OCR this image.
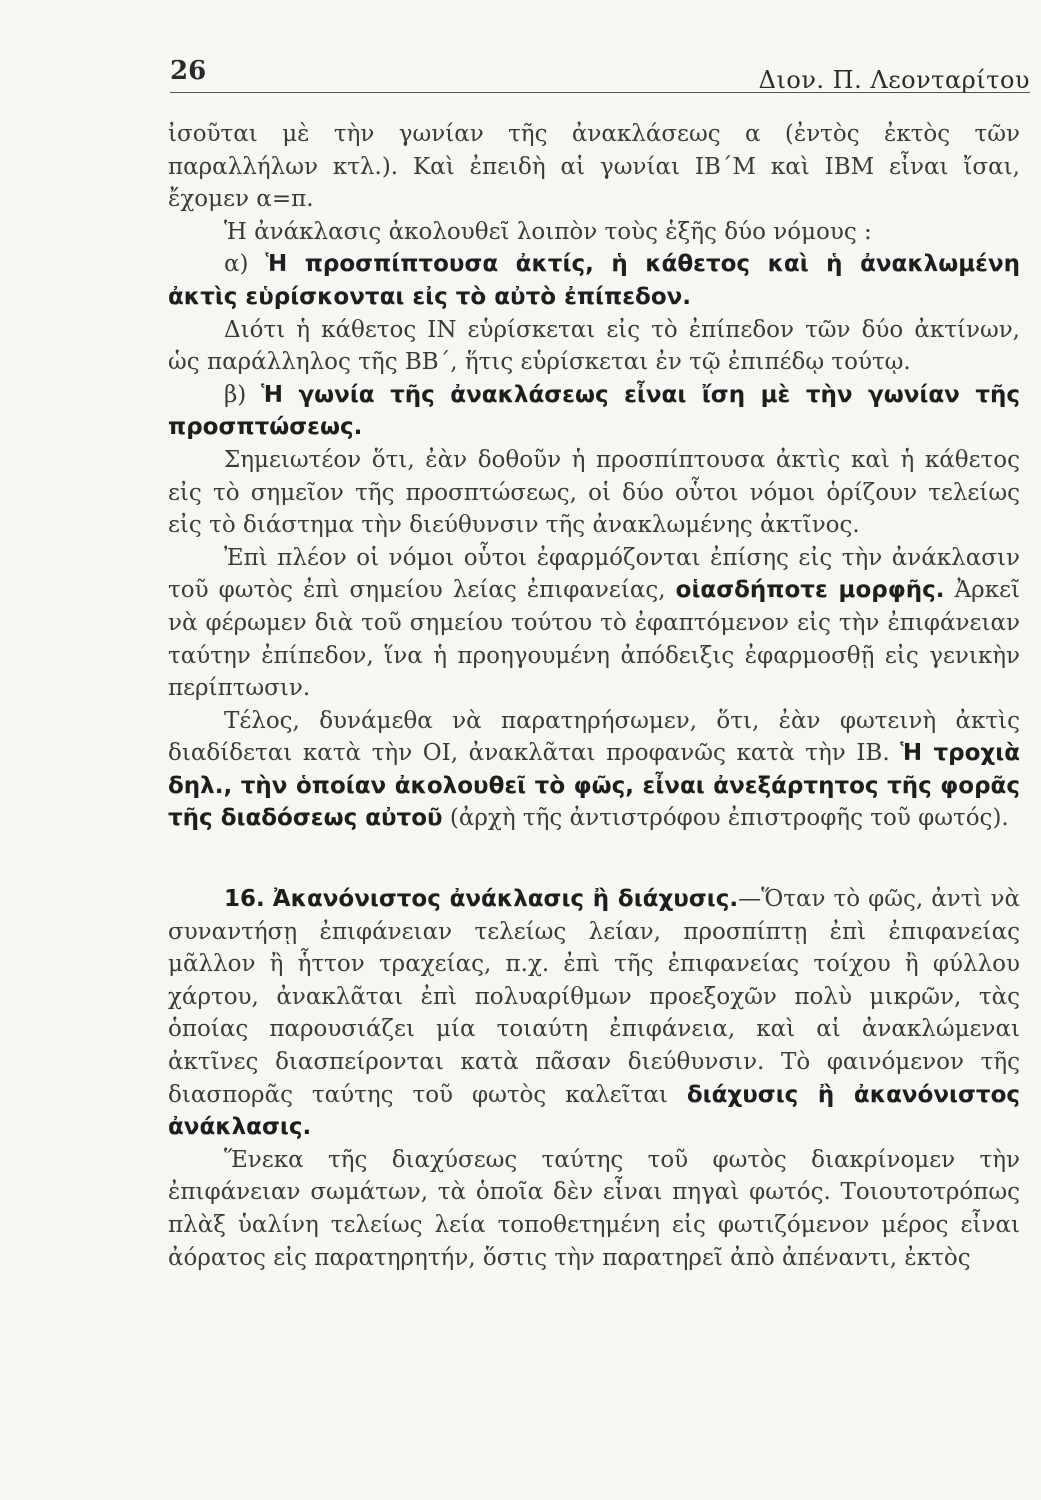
26	Διον. Π. Λεονταρίτου

ἰσοῦται μὲ τὴν γωνίαν τῆς ἀνακλάσεως α (ἐντὸς ἐκτὸς τῶν παραλλήλων κτλ.). Καὶ ἐπειδὴ αἱ γωνίαι ΙΒ΄Μ καὶ ΙΒΜ εἶναι ἴσαι, ἔχομεν α=π.

Ἡ ἀνάκλασις ἀκολουθεῖ λοιπὸν τοὺς ἑξῆς δύο νόμους :

α) Ἡ προσπίπτουσα ἀκτίς, ἡ κάθετος καὶ ἡ ἀνακλωμένη ἀκτὶς εὑρίσκονται εἰς τὸ αὐτὸ ἐπίπεδον.

Διότι ἡ κάθετος ΙΝ εὑρίσκεται εἰς τὸ ἐπίπεδον τῶν δύο ἀκτίνων, ὡς παράλληλος τῆς ΒΒ΄, ἥτις εὑρίσκεται ἐν τῷ ἐπιπέδῳ τούτῳ.

β) Ἡ γωνία τῆς ἀνακλάσεως εἶναι ἴση μὲ τὴν γωνίαν τῆς προσπτώσεως.

Σημειωτέον ὅτι, ἐὰν δοθοῦν ἡ προσπίπτουσα ἀκτὶς καὶ ἡ κάθετος εἰς τὸ σημεῖον τῆς προσπτώσεως, οἱ δύο οὗτοι νόμοι ὁρίζουν τελείως εἰς τὸ διάστημα τὴν διεύθυνσιν τῆς ἀνακλωμένης ἀκτῖνος.

Ἐπὶ πλέον οἱ νόμοι οὗτοι ἐφαρμόζονται ἐπίσης εἰς τὴν ἀνάκλασιν τοῦ φωτὸς ἐπὶ σημείου λείας ἐπιφανείας, οἱασδήποτε μορφῆς. Ἀρκεῖ νὰ φέρωμεν διὰ τοῦ σημείου τούτου τὸ ἐφαπτόμενον εἰς τὴν ἐπιφάνειαν ταύτην ἐπίπεδον, ἵνα ἡ προηγουμένη ἀπόδειξις ἐφαρμοσθῇ εἰς γενικὴν περίπτωσιν.

Τέλος, δυνάμεθα νὰ παρατηρήσωμεν, ὅτι, ἐὰν φωτεινὴ ἀκτὶς διαδίδεται κατὰ τὴν ΟΙ, ἀνακλᾶται προφανῶς κατὰ τὴν ΙΒ. Ἡ τροχιὰ δηλ., τὴν ὁποίαν ἀκολουθεῖ τὸ φῶς, εἶναι ἀνεξάρτητος τῆς φορᾶς τῆς διαδόσεως αὐτοῦ (ἀρχὴ τῆς ἀντιστρόφου ἐπιστροφῆς τοῦ φωτός).

16. Ἀκανόνιστος ἀνάκλασις ἢ διάχυσις.—Ὅταν τὸ φῶς, ἀντὶ νὰ συναντήσῃ ἐπιφάνειαν τελείως λείαν, προσπίπτῃ ἐπὶ ἐπιφανείας μᾶλλον ἢ ἧττον τραχείας, π.χ. ἐπὶ τῆς ἐπιφανείας τοίχου ἢ φύλλου χάρτου, ἀνακλᾶται ἐπὶ πολυαρίθμων προεξοχῶν πολὺ μικρῶν, τὰς ὁποίας παρουσιάζει μία τοιαύτη ἐπιφάνεια, καὶ αἱ ἀνακλώμεναι ἀκτῖνες διασπείρονται κατὰ πᾶσαν διεύθυνσιν. Τὸ φαινόμενον τῆς διασπορᾶς ταύτης τοῦ φωτὸς καλεῖται διάχυσις ἢ ἀκανόνιστος ἀνάκλασις.

Ἕνεκα τῆς διαχύσεως ταύτης τοῦ φωτὸς διακρίνομεν τὴν ἐπιφάνειαν σωμάτων, τὰ ὁποῖα δὲν εἶναι πηγαὶ φωτός. Τοιουτοτρόπως πλὰξ ὑαλίνη τελείως λεία τοποθετημένη εἰς φωτιζόμενον μέρος εἶναι ἀόρατος εἰς παρατηρητήν, ὅστις τὴν παρατηρεῖ ἀπὸ ἀπέναντι, ἐκτὸς
